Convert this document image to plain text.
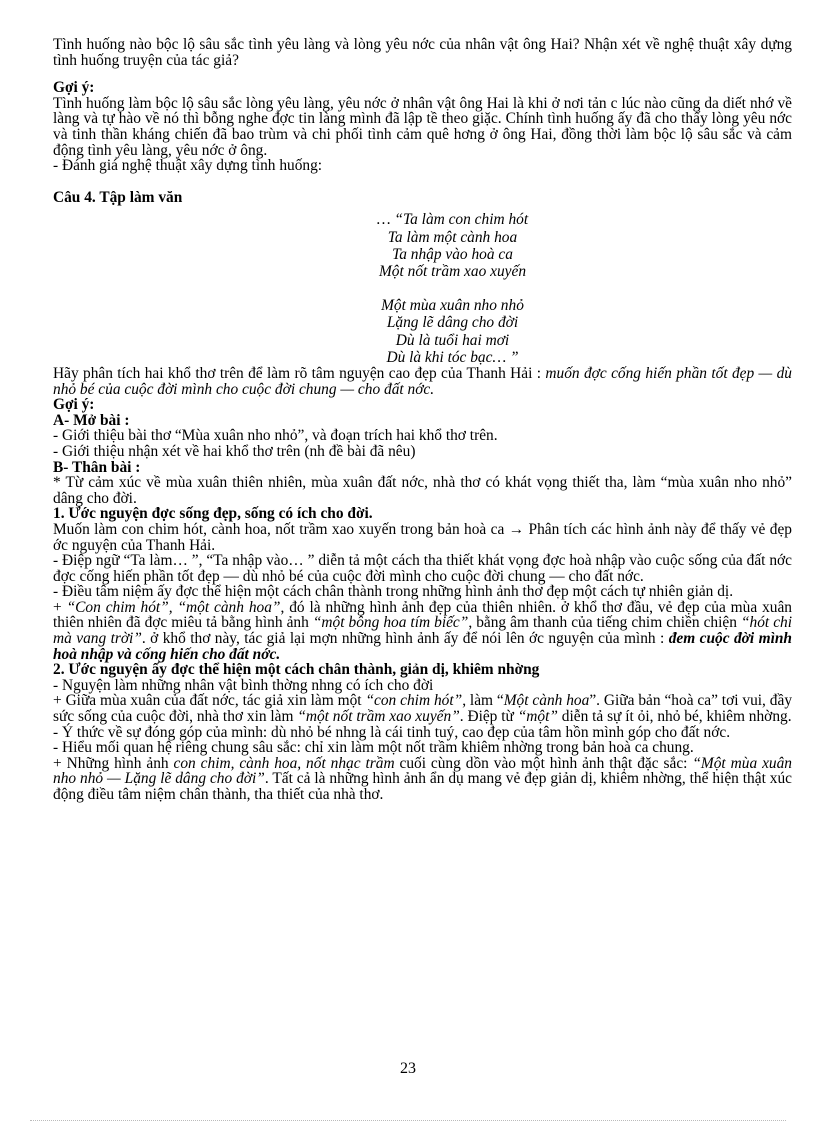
Tình huống nào bộc lộ sâu sắc tình yêu làng và lòng yêu nớc của nhân vật ông Hai? Nhận xét về nghệ thuật xây dựng tình huống truyện của tác giả?

Gợi ý:

Tình huống làm bộc lộ sâu sắc lòng yêu làng, yêu nớc ở nhân vật ông Hai là khi ở nơi tản c lúc nào cũng da diết nhớ về làng và tự hào về nó thì bỗng nghe đợc tin làng mình đã lập tề theo giặc. Chính tình huống ấy đã cho thấy lòng yêu nớc và tinh thần kháng chiến đã bao trùm và chi phối tình cảm quê hơng ở ông Hai, đồng thời làm bộc lộ sâu sắc và cảm động tình yêu làng, yêu nớc ở ông.

- Đánh giá nghệ thuật xây dựng tình huống:

Câu 4. Tập làm văn

… “Ta làm con chim hót

Ta làm một cành hoa

Ta nhập vào hoà ca

Một nốt trầm xao xuyến

Một mùa xuân nho nhỏ

Lặng lẽ dâng cho đời

Dù là tuổi hai mơi

Dù là khi tóc bạc… ”

Hãy phân tích hai khổ thơ trên để làm rõ tâm nguyện cao đẹp của Thanh Hải : muốn đợc cống hiến phần tốt đẹp — dù nhỏ bé của cuộc đời mình cho cuộc đời chung — cho đất nớc.

Gợi ý:

A- Mở bài :

- Giới thiệu bài thơ “Mùa xuân nho nhỏ”, và đoạn trích hai khổ thơ trên.

- Giới thiệu nhận xét về hai khổ thơ trên (nh đề bài đã nêu)

B- Thân bài :

* Từ cảm xúc về mùa xuân thiên nhiên, mùa xuân đất nớc, nhà thơ có khát vọng thiết tha, làm “mùa xuân nho nhỏ” dâng cho đời.

1. Ước nguyện đợc sống đẹp, sống có ích cho đời.

Muốn làm con chim hót, cành hoa, nốt trầm xao xuyến trong bản hoà ca → Phân tích các hình ảnh này để thấy vẻ đẹp ớc nguyện của Thanh Hải.

- Điệp ngữ “Ta làm… ”, “Ta nhập vào… ” diễn tả một cách tha thiết khát vọng đợc hoà nhập vào cuộc sống của đất nớc đợc cống hiến phần tốt đẹp — dù nhỏ bé của cuộc đời mình cho cuộc đời chung — cho đất nớc.

- Điều tâm niệm ấy đợc thể hiện một cách chân thành trong những hình ảnh thơ đẹp một cách tự nhiên giản dị.

+ “Con chim hót”, “một cành hoa”, đó là những hình ảnh đẹp của thiên nhiên. ở khổ thơ đầu, vẻ đẹp của mùa xuân thiên nhiên đã đợc miêu tả bằng hình ảnh “một bông hoa tím biếc”, bằng âm thanh của tiếng chim chiền chiện “hót chi mà vang trời”. ở khổ thơ này, tác giả lại mợn những hình ảnh ấy để nói lên ớc nguyện của mình : đem cuộc đời mình hoà nhập và cống hiến cho đất nớc.

2. Ước nguyện ấy đợc thể hiện một cách chân thành, giản dị, khiêm nhờng

- Nguyện làm những nhân vật bình thờng nhng có ích cho đời

+ Giữa mùa xuân của đất nớc, tác giả xin làm một “con chim hót”, làm “Một cành hoa”. Giữa bản “hoà ca” tơi vui, đầy sức sống của cuộc đời, nhà thơ xin làm “một nốt trầm xao xuyến”. Điệp từ “một” diễn tả sự ít ỏi, nhỏ bé, khiêm nhờng.

- Ý thức về sự đóng góp của mình: dù nhỏ bé nhng là cái tinh tuý, cao đẹp của tâm hồn mình góp cho đất nớc.

- Hiểu mối quan hệ riêng chung sâu sắc: chỉ xin làm một nốt trầm khiêm nhờng trong bản hoà ca chung.

+ Những hình ảnh con chim, cành hoa, nốt nhạc trầm cuối cùng dồn vào một hình ảnh thật đặc sắc: “Một mùa xuân nho nhỏ — Lặng lẽ dâng cho đời”. Tất cả là những hình ảnh ẩn dụ mang vẻ đẹp giản dị, khiêm nhờng, thể hiện thật xúc động điều tâm niệm chân thành, tha thiết của nhà thơ.

23
